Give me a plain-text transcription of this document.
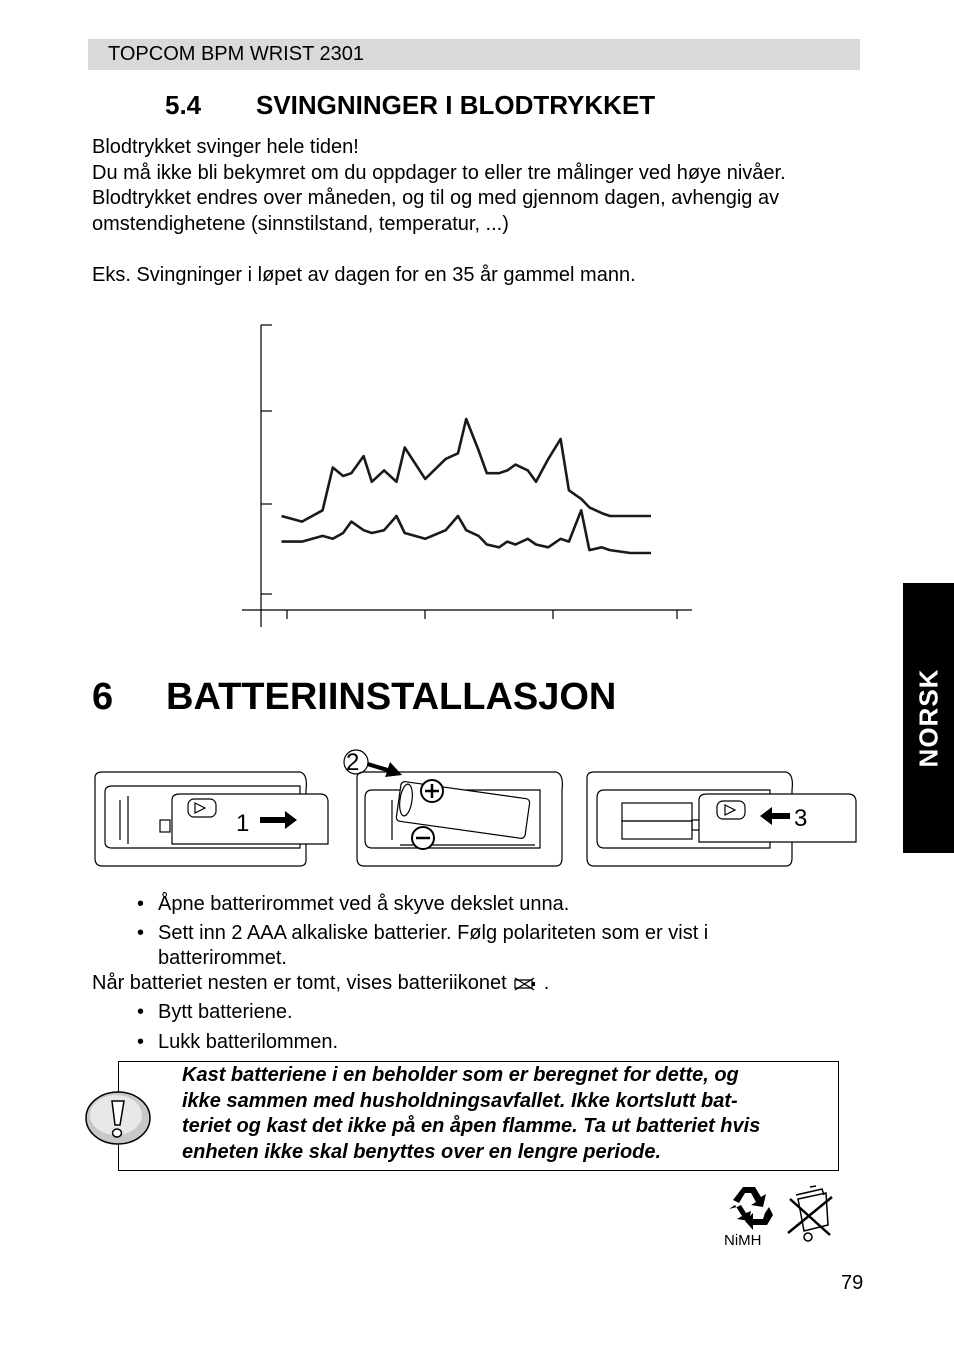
TOPCOM BPM WRIST 2301
5.4 SVINGNINGER I BLODTRYKKET
Blodtrykket svinger hele tiden!
Du må ikke bli bekymret om du oppdager to eller tre målinger ved høye nivåer.
Blodtrykket endres over måneden, og til og med gjennom dagen, avhengig av
omstendighetene (sinnstilstand, temperatur, ...)
Eks. Svingninger i løpet av dagen for en 35 år gammel mann.
6 BATTERIINSTALLASJON
1
2
3
NORSK
• Åpne batterirommet ved å skyve dekslet unna.
• Sett inn 2 AAA alkaliske batterier. Følg polariteten som er vist i
batterirommet.
Når batteriet nesten er tomt, vises batteriikonet .
• Bytt batteriene.
• Lukk batterilommen.
Kast batteriene i en beholder som er beregnet for dette, og
ikke sammen med husholdningsavfallet. Ikke kortslutt bat-
teriet og kast det ikke på en åpen flamme. Ta ut batteriet hvis
enheten ikke skal benyttes over en lengre periode.
NiMH
79
